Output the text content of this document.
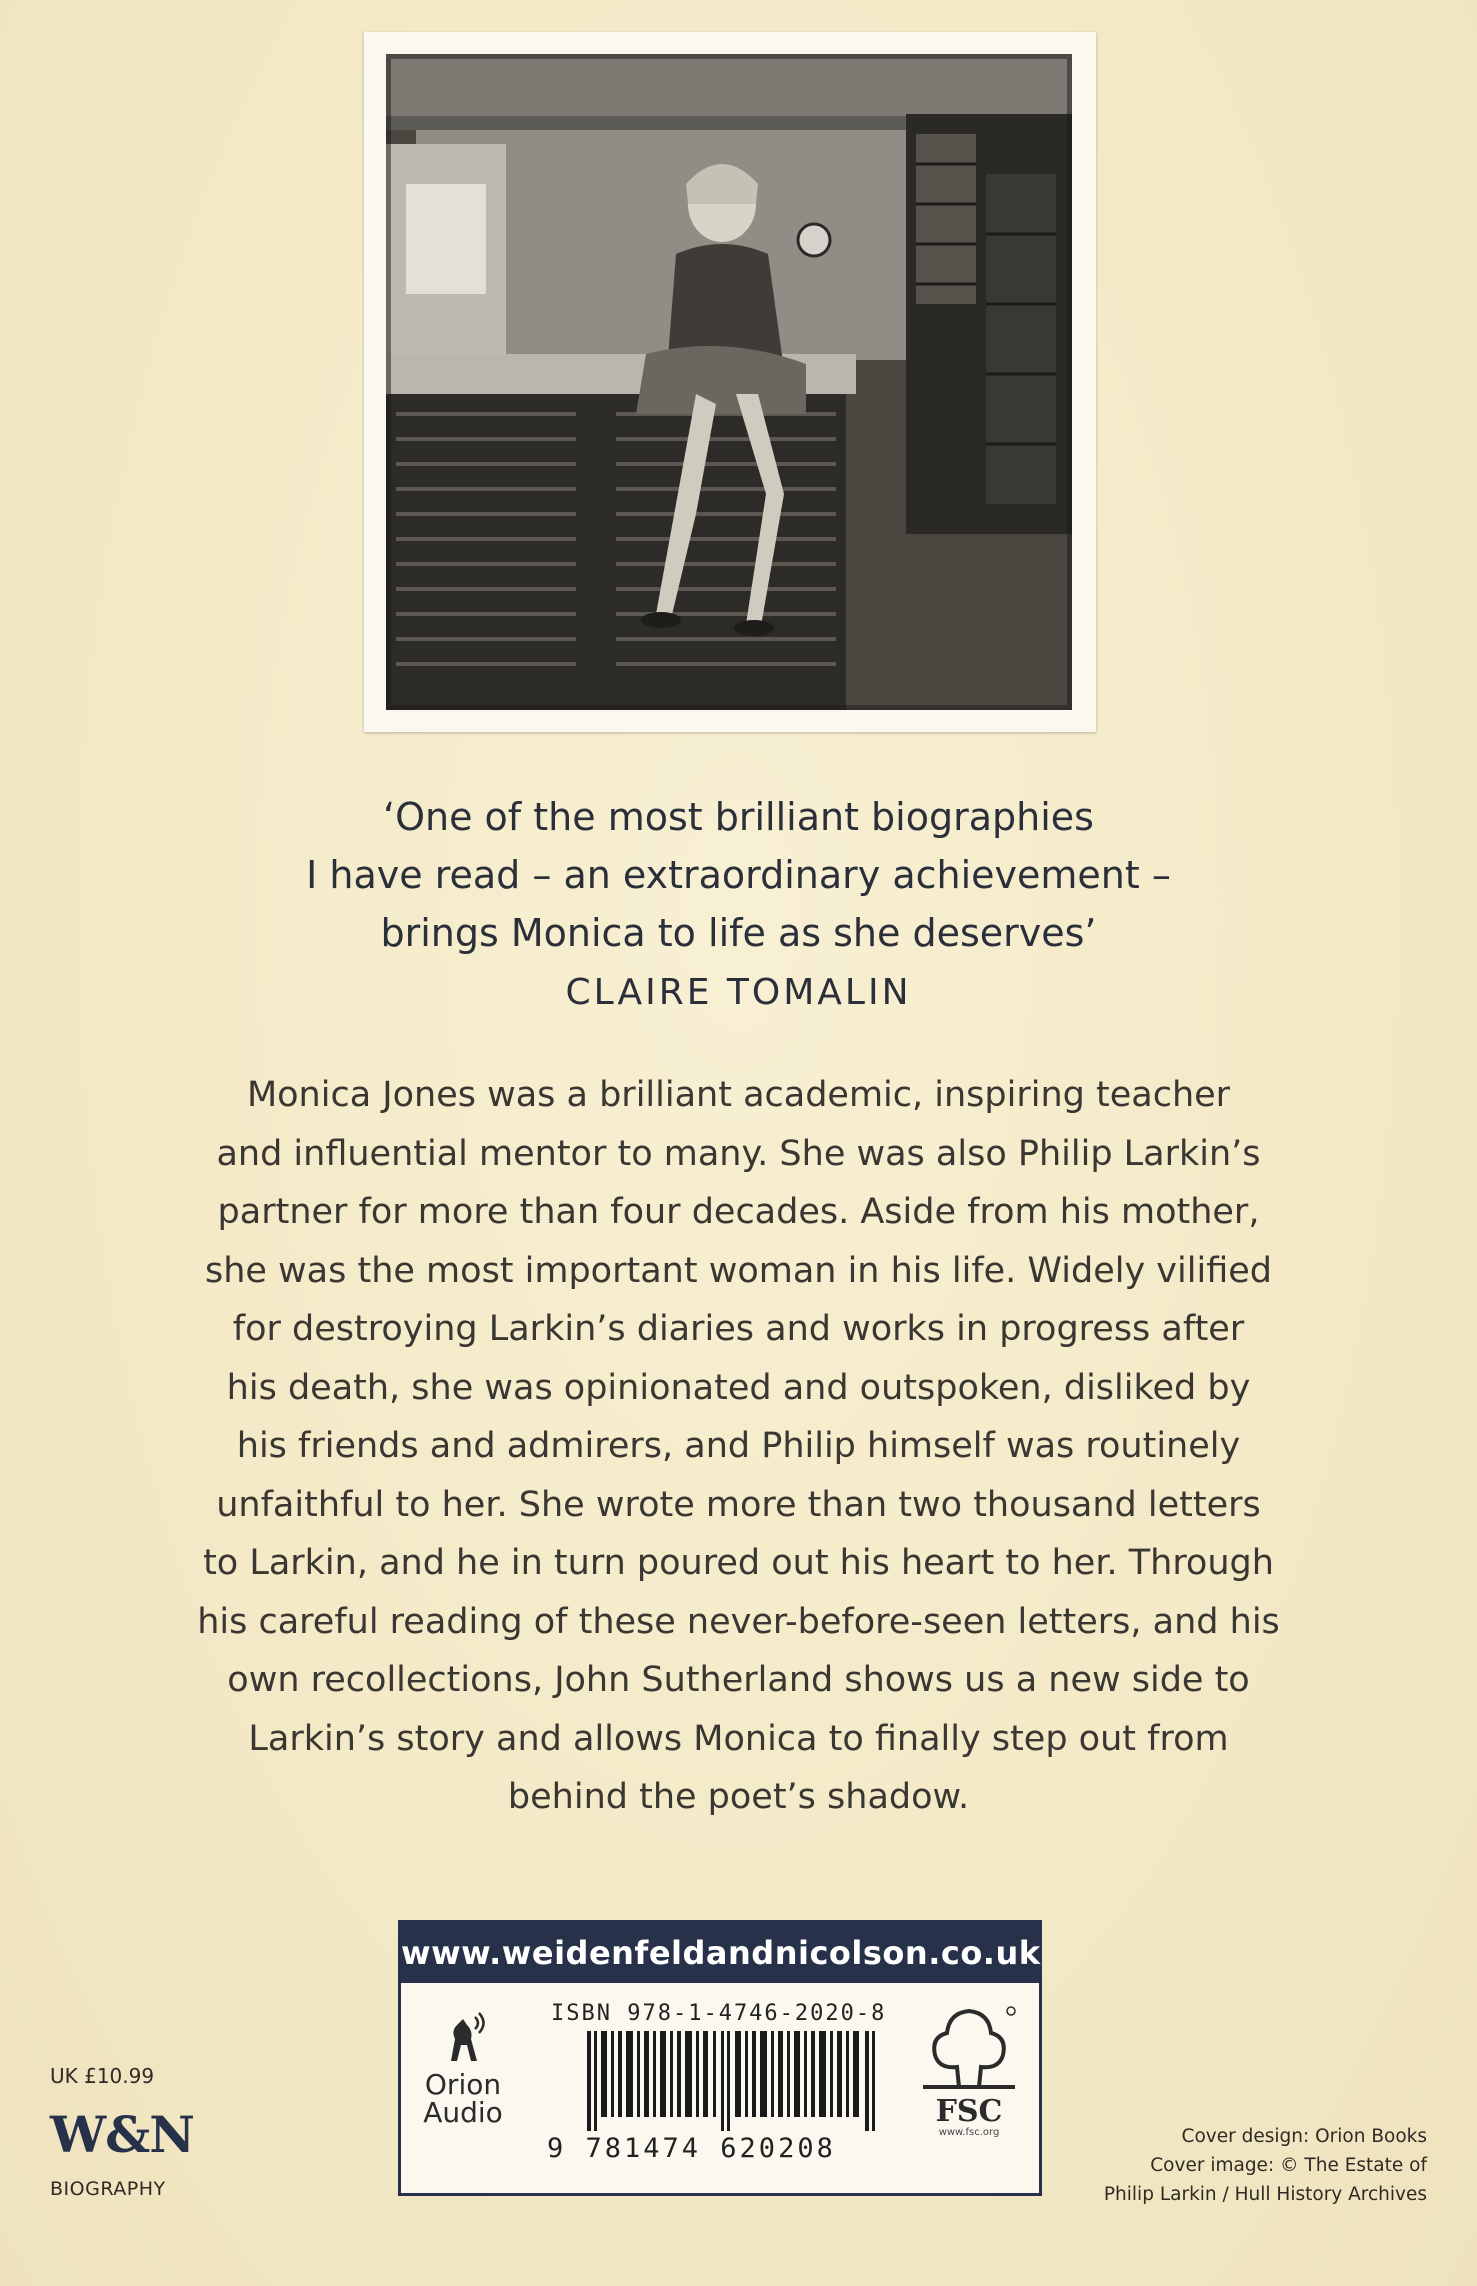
‘One of the most brilliant biographies
I have read – an extraordinary achievement –
brings Monica to life as she deserves’
CLAIRE TOMALIN
Monica Jones was a brilliant academic, inspiring teacher
and influential mentor to many. She was also Philip Larkin’s
partner for more than four decades. Aside from his mother,
she was the most important woman in his life. Widely vilified
for destroying Larkin’s diaries and works in progress after
his death, she was opinionated and outspoken, disliked by
his friends and admirers, and Philip himself was routinely
unfaithful to her. She wrote more than two thousand letters
to Larkin, and he in turn poured out his heart to her. Through
his careful reading of these never-before-seen letters, and his
own recollections, John Sutherland shows us a new side to
Larkin’s story and allows Monica to finally step out from
behind the poet’s shadow.
www.weidenfeldandnicolson.co.uk
Orion
Audio
ISBN 978-1-4746-2020-8
9 781474 620208
FSC
www.fsc.org
UK £10.99
W&N
BIOGRAPHY
Cover design: Orion Books
Cover image: © The Estate of
Philip Larkin / Hull History Archives
